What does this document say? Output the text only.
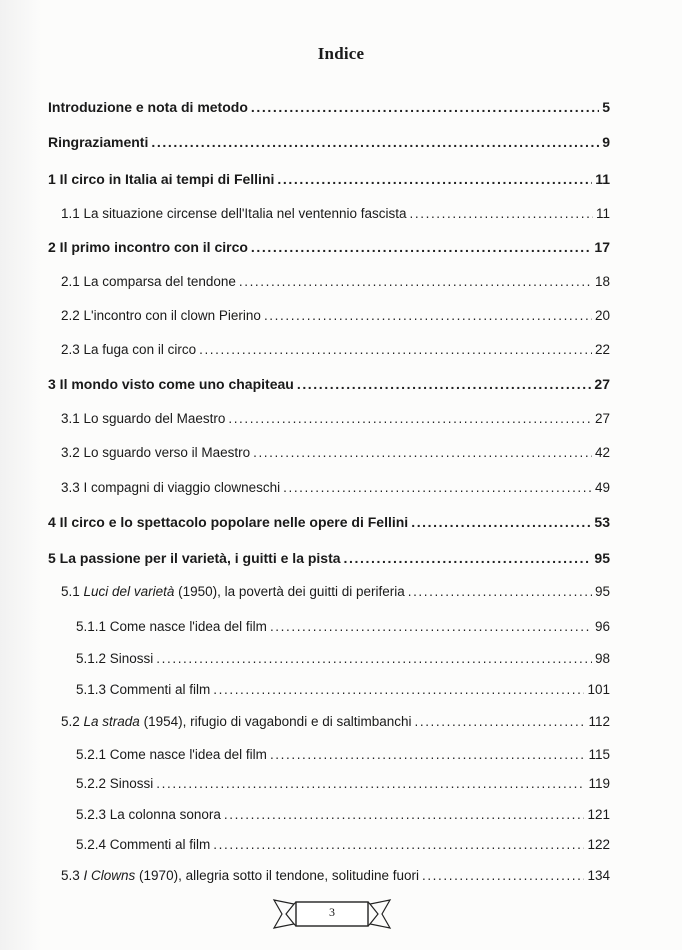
Indice
Introduzione e nota di metodo .....	5
Ringraziamenti .....	9
1 Il circo in Italia ai tempi di Fellini .....	11
1.1 La situazione circense dell'Italia nel ventennio fascista .....	11
2 Il primo incontro con il circo .....	17
2.1 La comparsa del tendone .....	18
2.2 L'incontro con il clown Pierino .....	20
2.3 La fuga con il circo .....	22
3 Il mondo visto come uno chapiteau .....	27
3.1 Lo sguardo del Maestro .....	27
3.2 Lo sguardo verso il Maestro .....	42
3.3 I compagni di viaggio clowneschi .....	49
4 Il circo e lo spettacolo popolare nelle opere di Fellini .....	53
5 La passione per il varietà, i guitti e la pista .....	95
5.1 Luci del varietà (1950), la povertà dei guitti di periferia .....	95
5.1.1 Come nasce l'idea del film .....	96
5.1.2 Sinossi .....	98
5.1.3 Commenti al film .....	101
5.2 La strada (1954), rifugio di vagabondi e di saltimbanchi .....	112
5.2.1 Come nasce l'idea del film .....	115
5.2.2 Sinossi .....	119
5.2.3 La colonna sonora .....	121
5.2.4 Commenti al film .....	122
5.3 I Clowns (1970), allegria sotto il tendone, solitudine fuori .....	134
3
